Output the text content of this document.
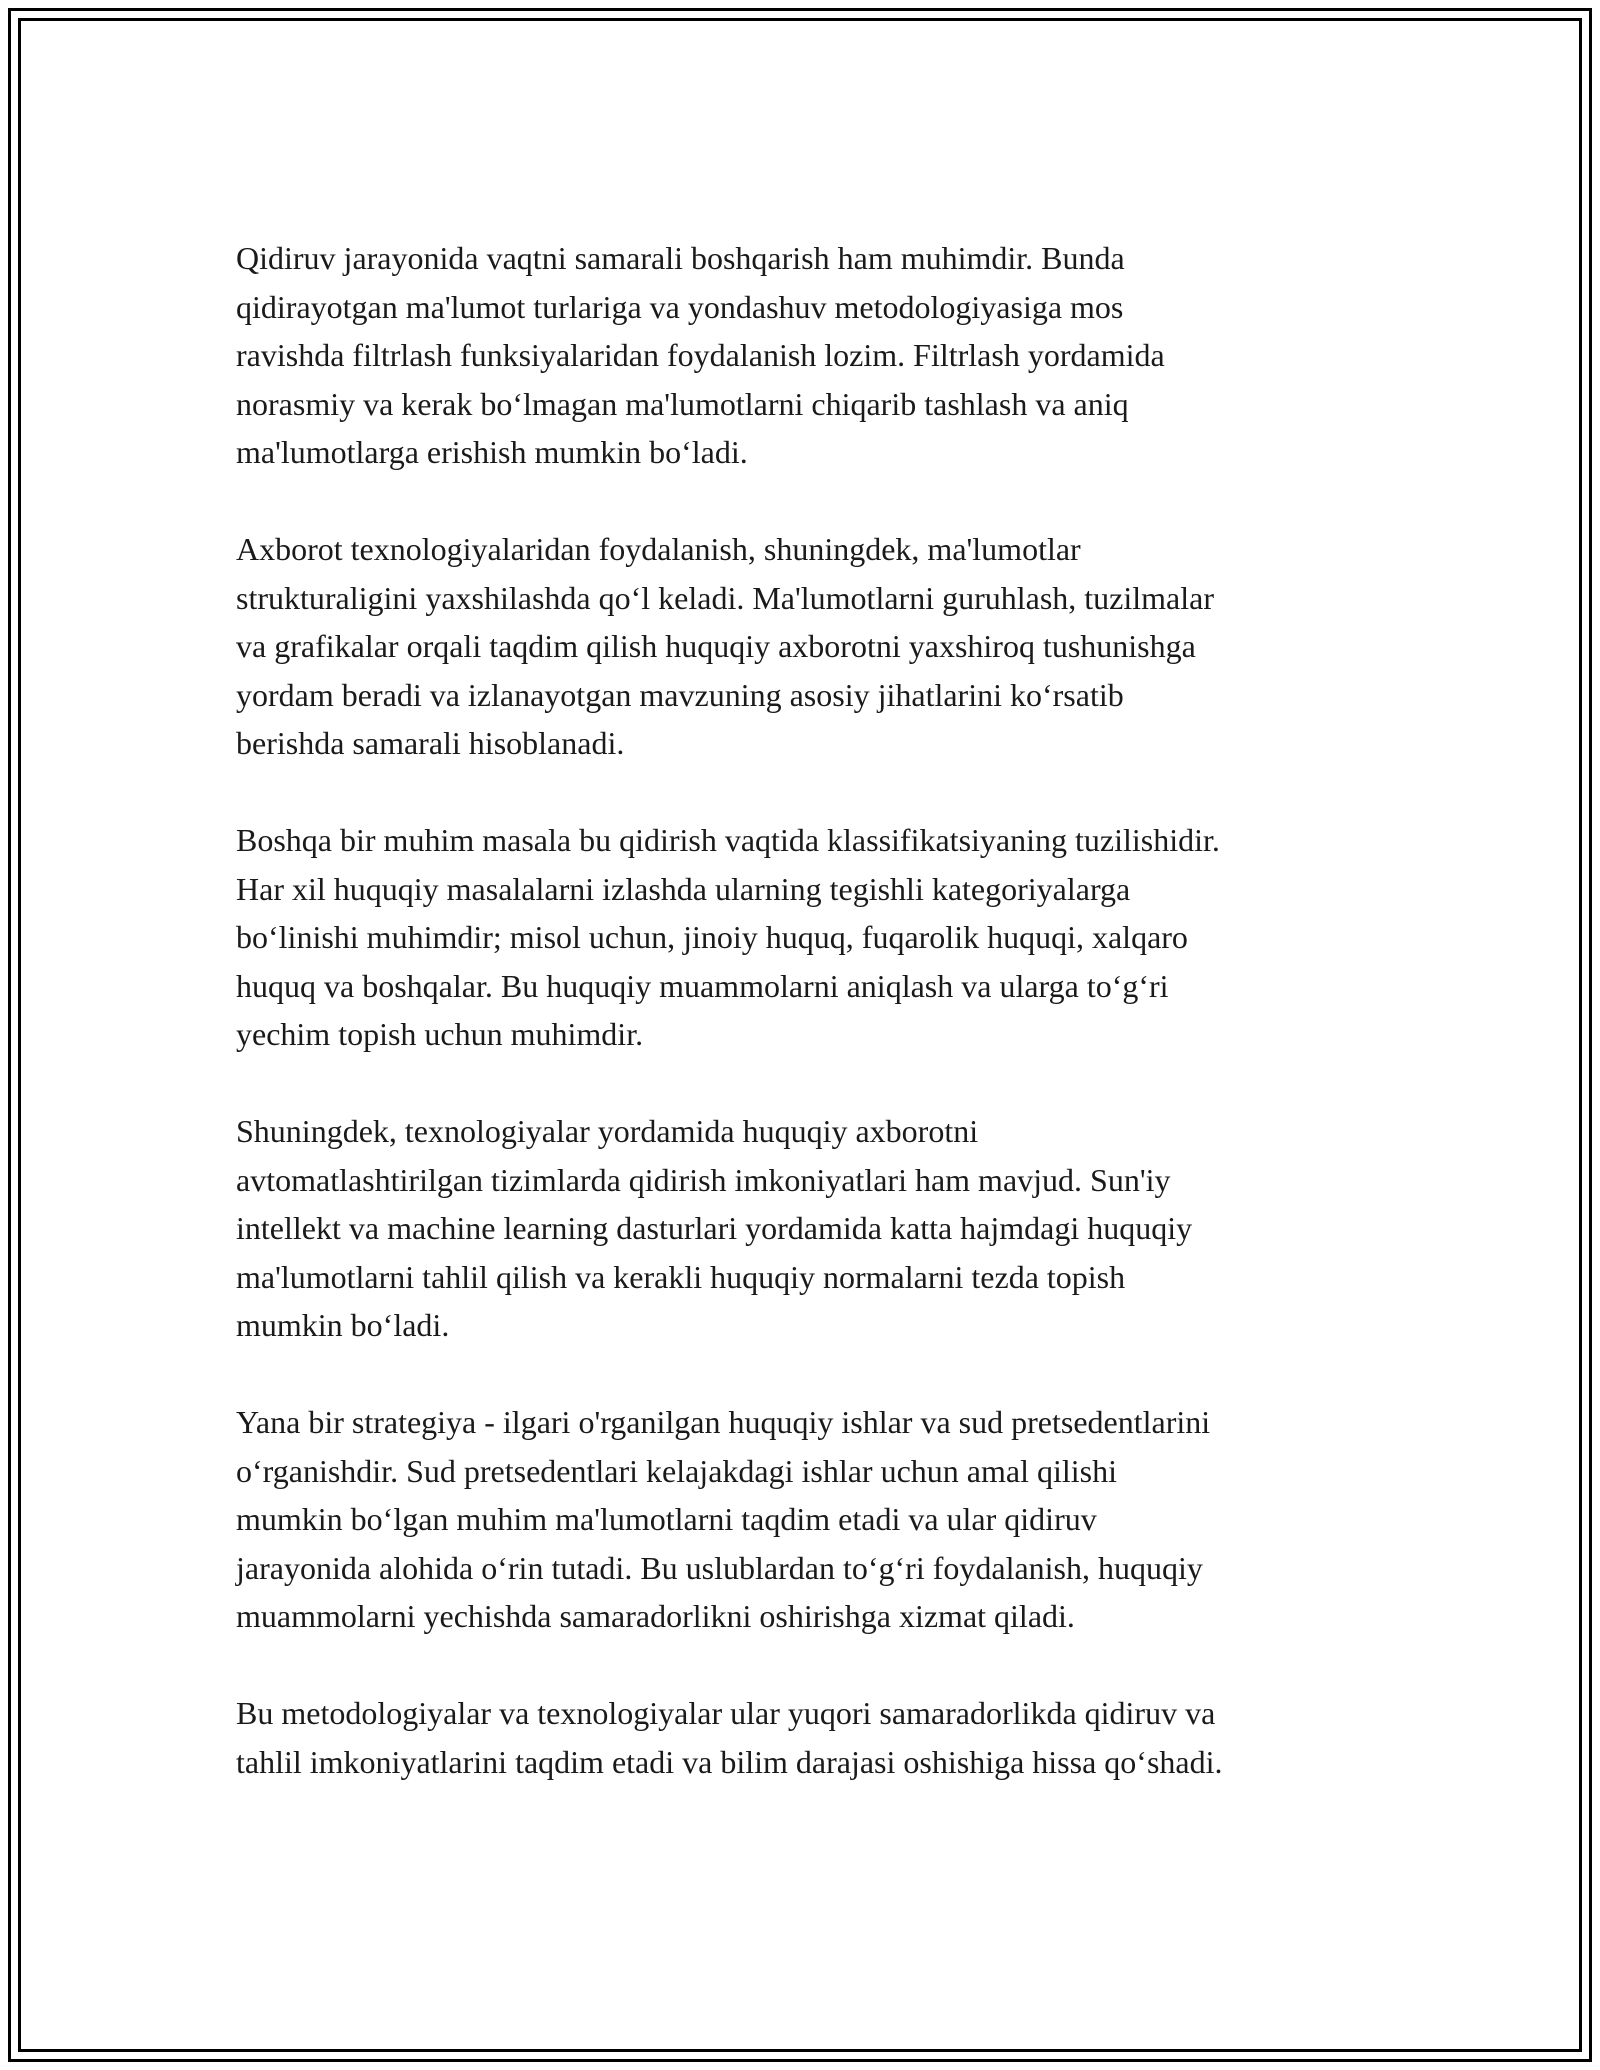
Qidiruv jarayonida vaqtni samarali boshqarish ham muhimdir. Bunda
qidirayotgan ma'lumot turlariga va yondashuv metodologiyasiga mos
ravishda filtrlash funksiyalaridan foydalanish lozim. Filtrlash yordamida
norasmiy va kerak boʻlmagan ma'lumotlarni chiqarib tashlash va aniq
ma'lumotlarga erishish mumkin boʻladi.

Axborot texnologiyalaridan foydalanish, shuningdek, ma'lumotlar
strukturaligini yaxshilashda qoʻl keladi. Ma'lumotlarni guruhlash, tuzilmalar
va grafikalar orqali taqdim qilish huquqiy axborotni yaxshiroq tushunishga
yordam beradi va izlanayotgan mavzuning asosiy jihatlarini koʻrsatib
berishda samarali hisoblanadi.

Boshqa bir muhim masala bu qidirish vaqtida klassifikatsiyaning tuzilishidir.
Har xil huquqiy masalalarni izlashda ularning tegishli kategoriyalarga
boʻlinishi muhimdir; misol uchun, jinoiy huquq, fuqarolik huquqi, xalqaro
huquq va boshqalar. Bu huquqiy muammolarni aniqlash va ularga toʻgʻri
yechim topish uchun muhimdir.

Shuningdek, texnologiyalar yordamida huquqiy axborotni
avtomatlashtirilgan tizimlarda qidirish imkoniyatlari ham mavjud. Sun'iy
intellekt va machine learning dasturlari yordamida katta hajmdagi huquqiy
ma'lumotlarni tahlil qilish va kerakli huquqiy normalarni tezda topish
mumkin boʻladi.

Yana bir strategiya - ilgari o'rganilgan huquqiy ishlar va sud pretsedentlarini
oʻrganishdir. Sud pretsedentlari kelajakdagi ishlar uchun amal qilishi
mumkin boʻlgan muhim ma'lumotlarni taqdim etadi va ular qidiruv
jarayonida alohida oʻrin tutadi. Bu uslublardan toʻgʻri foydalanish, huquqiy
muammolarni yechishda samaradorlikni oshirishga xizmat qiladi.

Bu metodologiyalar va texnologiyalar ular yuqori samaradorlikda qidiruv va
tahlil imkoniyatlarini taqdim etadi va bilim darajasi oshishiga hissa qoʻshadi.
